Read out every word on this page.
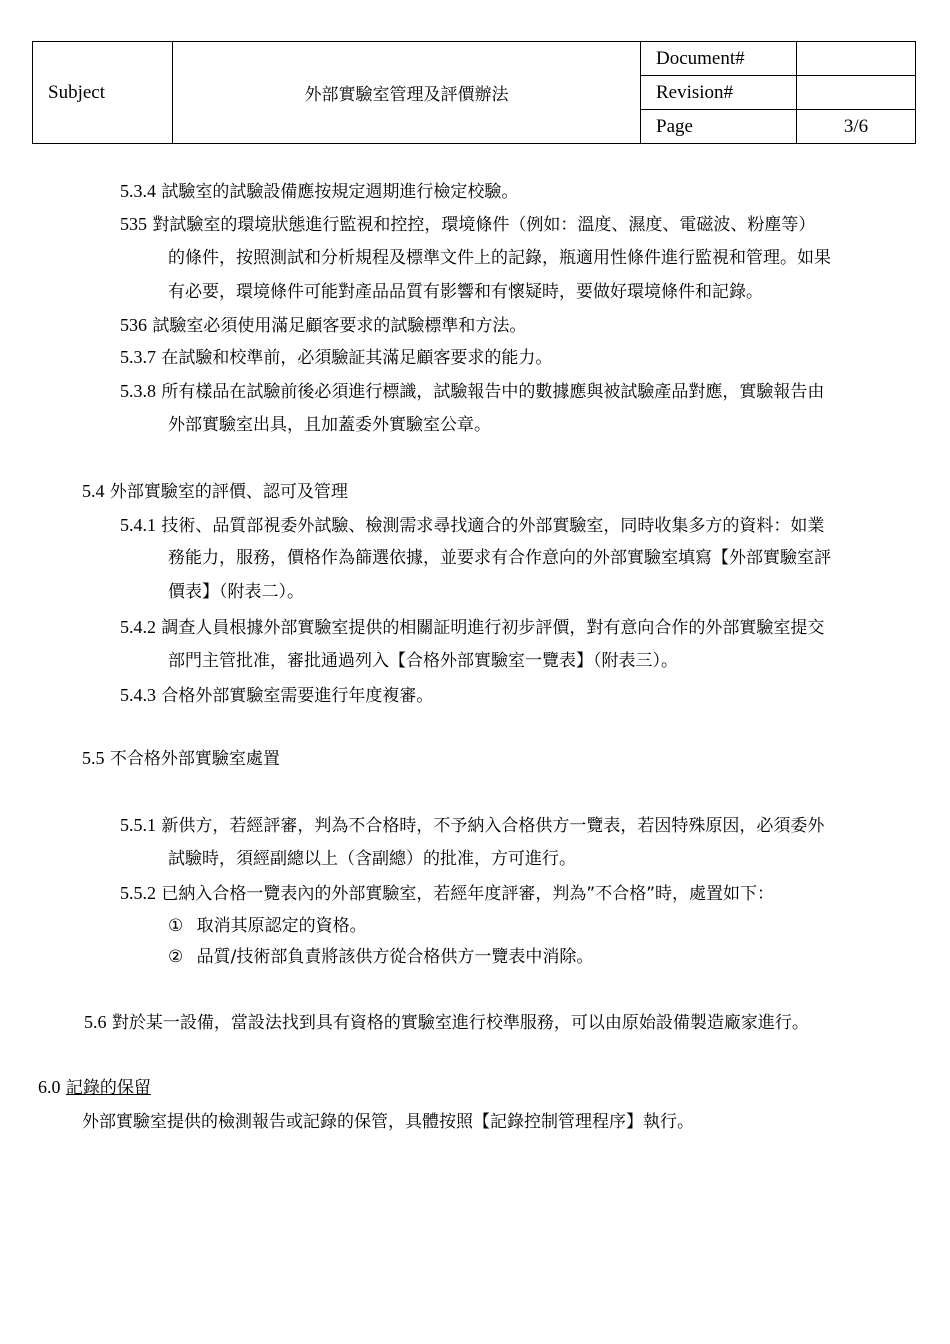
Subject	外部實驗室管理及評價辦法	Document#	
		Revision#	
		Page	3/6
5.3.4 試驗室的試驗設備應按規定週期進行檢定校驗。
535 對試驗室的環境狀態進行監視和控控，環境條件（例如：溫度、濕度、電磁波、粉塵等）
的條件，按照測試和分析規程及標準文件上的記錄，瓶適用性條件進行監視和管理。如果
有必要，環境條件可能對產品品質有影響和有懷疑時，要做好環境條件和記錄。
536 試驗室必須使用滿足顧客要求的試驗標準和方法。
5.3.7 在試驗和校準前，必須驗証其滿足顧客要求的能力。
5.3.8 所有樣品在試驗前後必須進行標識，試驗報告中的數據應與被試驗產品對應，實驗報告由
外部實驗室出具，且加蓋委外實驗室公章。
5.4 外部實驗室的評價、認可及管理
5.4.1 技術、品質部視委外試驗、檢測需求尋找適合的外部實驗室，同時收集多方的資料：如業
務能力，服務，價格作為篩選依據，並要求有合作意向的外部實驗室填寫【外部實驗室評
價表】（附表二）。
5.4.2 調查人員根據外部實驗室提供的相關証明進行初步評價，對有意向合作的外部實驗室提交
部門主管批准，審批通過列入【合格外部實驗室一覽表】（附表三）。
5.4.3 合格外部實驗室需要進行年度複審。
5.5 不合格外部實驗室處置
5.5.1 新供方，若經評審，判為不合格時，不予納入合格供方一覽表，若因特殊原因，必須委外
試驗時，須經副總以上（含副總）的批准，方可進行。
5.5.2 已納入合格一覽表內的外部實驗室，若經年度評審，判為”不合格”時，處置如下：
① 取消其原認定的資格。
② 品質/技術部負責將該供方從合格供方一覽表中消除。
5.6 對於某一設備，當設法找到具有資格的實驗室進行校準服務，可以由原始設備製造廠家進行。
6.0 記錄的保留
外部實驗室提供的檢測報告或記錄的保管，具體按照【記錄控制管理程序】執行。
